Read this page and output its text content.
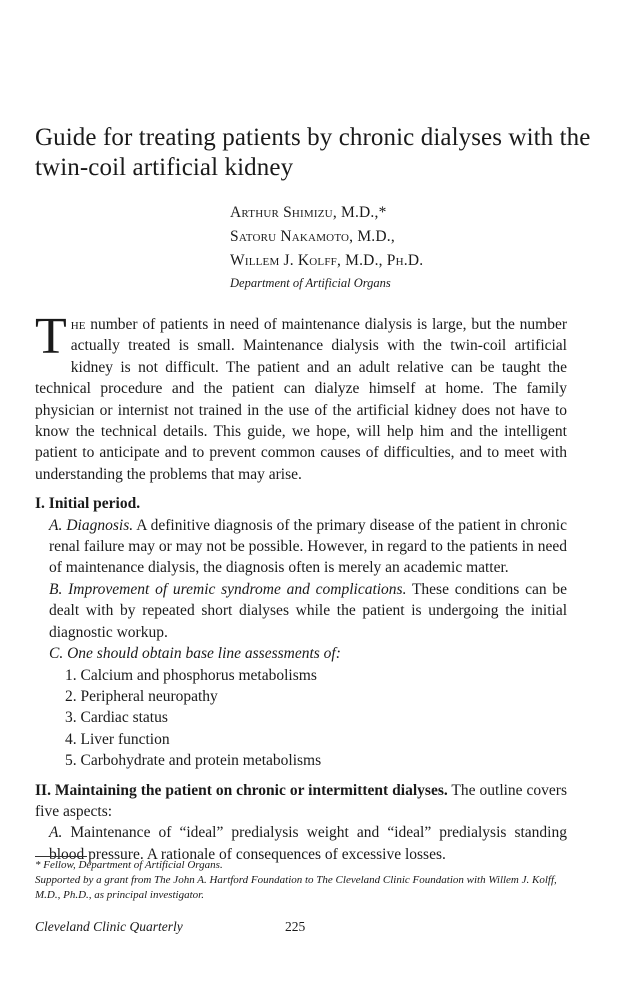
Guide for treating patients by chronic dialyses with the twin-coil artificial kidney
Arthur Shimizu, M.D.,*
Satoru Nakamoto, M.D.,
Willem J. Kolff, M.D., Ph.D.
Department of Artificial Organs

The number of patients in need of maintenance dialysis is large, but the number actually treated is small. Maintenance dialysis with the twin-coil artificial kidney is not difficult. The patient and an adult relative can be taught the technical procedure and the patient can dialyze himself at home. The family physician or internist not trained in the use of the artificial kidney does not have to know the technical details. This guide, we hope, will help him and the intelligent patient to anticipate and to prevent common causes of difficulties, and to meet with understanding the problems that may arise.

I. Initial period.

A. Diagnosis. A definitive diagnosis of the primary disease of the patient in chronic renal failure may or may not be possible. However, in regard to the patients in need of maintenance dialysis, the diagnosis often is merely an academic matter.

B. Improvement of uremic syndrome and complications. These conditions can be dealt with by repeated short dialyses while the patient is undergoing the initial diagnostic workup.

C. One should obtain base line assessments of:

1. Calcium and phosphorus metabolisms
2. Peripheral neuropathy
3. Cardiac status
4. Liver function
5. Carbohydrate and protein metabolisms

II. Maintaining the patient on chronic or intermittent dialyses. The outline covers five aspects:

A. Maintenance of “ideal” predialysis weight and “ideal” predialysis standing blood pressure. A rationale of consequences of excessive losses.

* Fellow, Department of Artificial Organs.

Supported by a grant from The John A. Hartford Foundation to The Cleveland Clinic Foundation with Willem J. Kolff, M.D., Ph.D., as principal investigator.

Cleveland Clinic Quarterly	225
